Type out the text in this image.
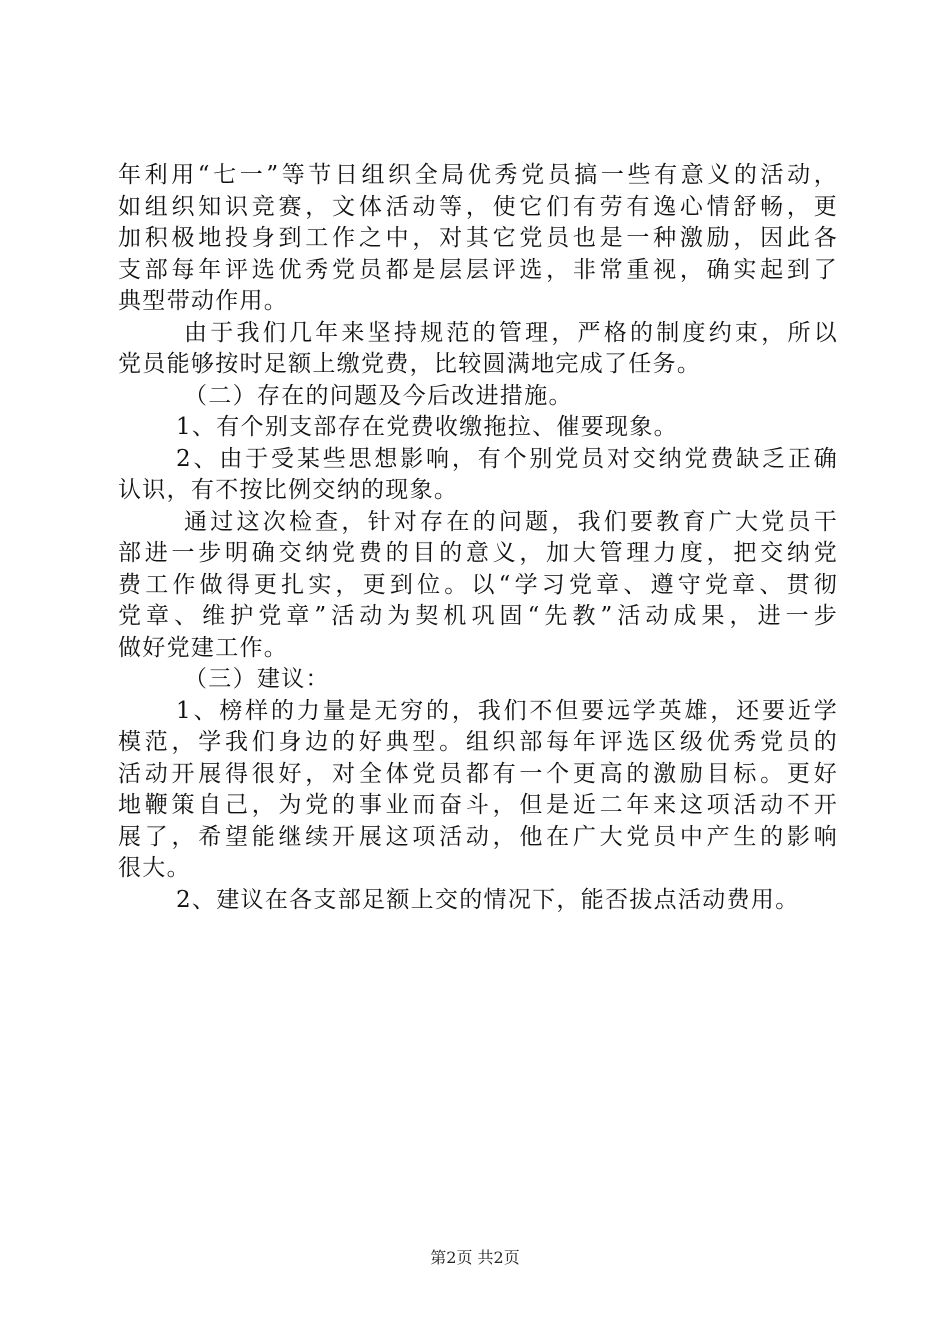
年利用“七一”等节日组织全局优秀党员搞一些有意义的活动，
如组织知识竞赛，文体活动等，使它们有劳有逸心情舒畅，更
加积极地投身到工作之中，对其它党员也是一种激励，因此各
支部每年评选优秀党员都是层层评选，非常重视，确实起到了
典型带动作用。
由于我们几年来坚持规范的管理，严格的制度约束，所以
党员能够按时足额上缴党费，比较圆满地完成了任务。
（二）存在的问题及今后改进措施。
1、有个别支部存在党费收缴拖拉、催要现象。
2、由于受某些思想影响，有个别党员对交纳党费缺乏正确
认识，有不按比例交纳的现象。
通过这次检查，针对存在的问题，我们要教育广大党员干
部进一步明确交纳党费的目的意义，加大管理力度，把交纳党
费工作做得更扎实，更到位。以“学习党章、遵守党章、贯彻
党章、维护党章”活动为契机巩固“先教”活动成果，进一步
做好党建工作。
（三）建议：
1、榜样的力量是无穷的，我们不但要远学英雄，还要近学
模范，学我们身边的好典型。组织部每年评选区级优秀党员的
活动开展得很好，对全体党员都有一个更高的激励目标。更好
地鞭策自己，为党的事业而奋斗，但是近二年来这项活动不开
展了，希望能继续开展这项活动，他在广大党员中产生的影响
很大。
2、建议在各支部足额上交的情况下，能否拔点活动费用。
第2页 共2页
